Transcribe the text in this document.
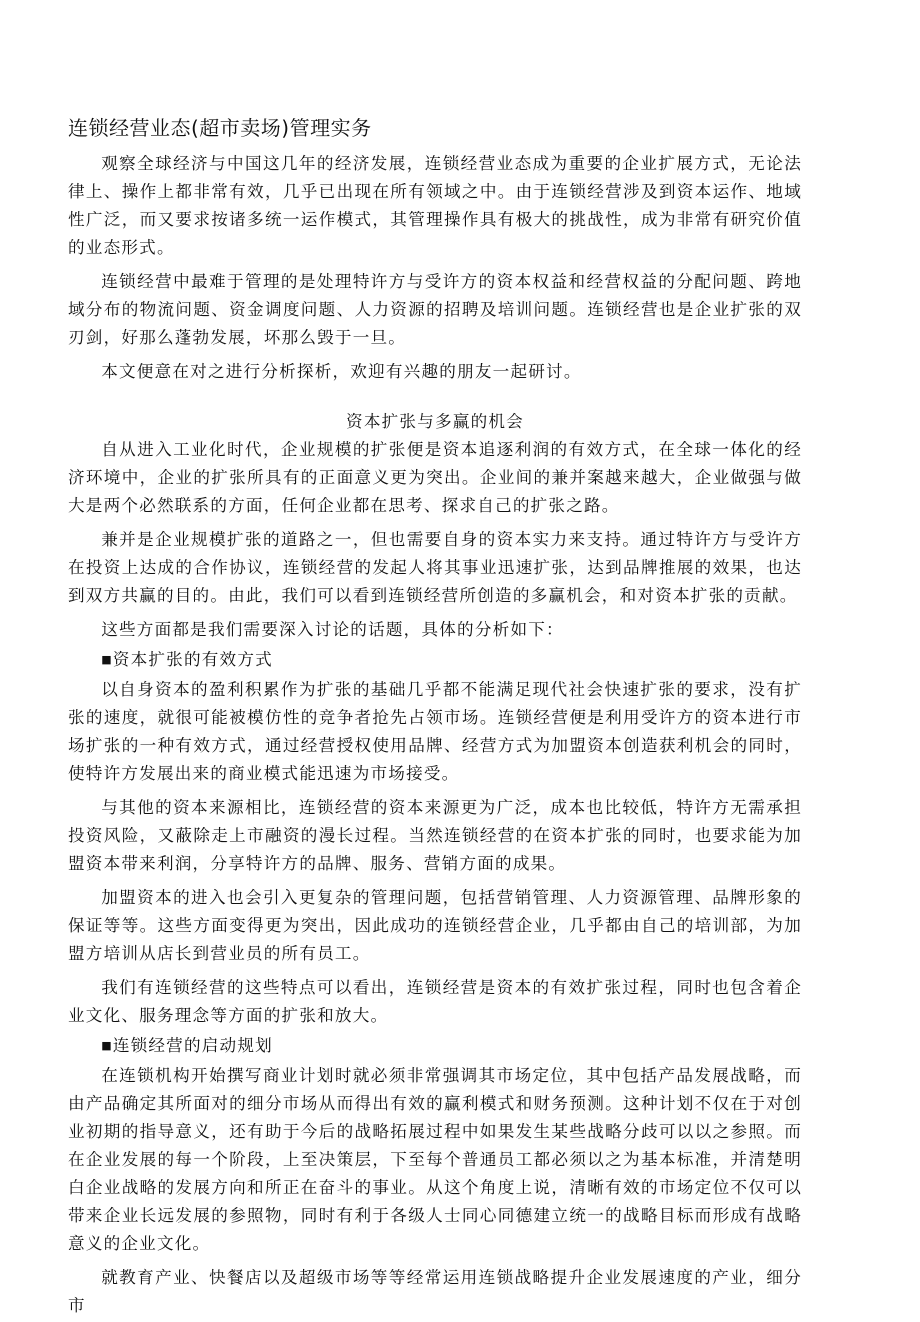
连锁经营业态(超市卖场)管理实务

观察全球经济与中国这几年的经济发展，连锁经营业态成为重要的企业扩展方式，无论法律上、操作上都非常有效，几乎已出现在所有领域之中。由于连锁经营涉及到资本运作、地域性广泛，而又要求按诸多统一运作模式，其管理操作具有极大的挑战性，成为非常有研究价值的业态形式。

连锁经营中最难于管理的是处理特许方与受许方的资本权益和经营权益的分配问题、跨地域分布的物流问题、资金调度问题、人力资源的招聘及培训问题。连锁经营也是企业扩张的双刃剑，好那么蓬勃发展，坏那么毁于一旦。

本文便意在对之进行分析探析，欢迎有兴趣的朋友一起研讨。

资本扩张与多赢的机会

自从进入工业化时代，企业规模的扩张便是资本追逐利润的有效方式，在全球一体化的经济环境中，企业的扩张所具有的正面意义更为突出。企业间的兼并案越来越大，企业做强与做大是两个必然联系的方面，任何企业都在思考、探求自己的扩张之路。

兼并是企业规模扩张的道路之一，但也需要自身的资本实力来支持。通过特许方与受许方在投资上达成的合作协议，连锁经营的发起人将其事业迅速扩张，达到品牌推展的效果，也达到双方共赢的目的。由此，我们可以看到连锁经营所创造的多赢机会，和对资本扩张的贡献。

这些方面都是我们需要深入讨论的话题，具体的分析如下：

■ 资本扩张的有效方式

以自身资本的盈利积累作为扩张的基础几乎都不能满足现代社会快速扩张的要求，没有扩张的速度，就很可能被模仿性的竞争者抢先占领市场。连锁经营便是利用受许方的资本进行市场扩张的一种有效方式，通过经营授权使用品牌、经营方式为加盟资本创造获利机会的同时，使特许方发展出来的商业模式能迅速为市场接受。

与其他的资本来源相比，连锁经营的资本来源更为广泛，成本也比较低，特许方无需承担投资风险，又蔽除走上市融资的漫长过程。当然连锁经营的在资本扩张的同时，也要求能为加盟资本带来利润，分享特许方的品牌、服务、营销方面的成果。

加盟资本的进入也会引入更复杂的管理问题，包括营销管理、人力资源管理、品牌形象的保证等等。这些方面变得更为突出，因此成功的连锁经营企业，几乎都由自己的培训部，为加盟方培训从店长到营业员的所有员工。

我们有连锁经营的这些特点可以看出，连锁经营是资本的有效扩张过程，同时也包含着企业文化、服务理念等方面的扩张和放大。

■ 连锁经营的启动规划

在连锁机构开始撰写商业计划时就必须非常强调其市场定位，其中包括产品发展战略，而由产品确定其所面对的细分市场从而得出有效的赢利模式和财务预测。这种计划不仅在于对创业初期的指导意义，还有助于今后的战略拓展过程中如果发生某些战略分歧可以以之参照。而在企业发展的每一个阶段，上至决策层，下至每个普通员工都必须以之为基本标准，并清楚明白企业战略的发展方向和所正在奋斗的事业。从这个角度上说，清晰有效的市场定位不仅可以带来企业长远发展的参照物，同时有利于各级人士同心同德建立统一的战略目标而形成有战略意义的企业文化。

就教育产业、快餐店以及超级市场等等经常运用连锁战略提升企业发展速度的产业，细分市
